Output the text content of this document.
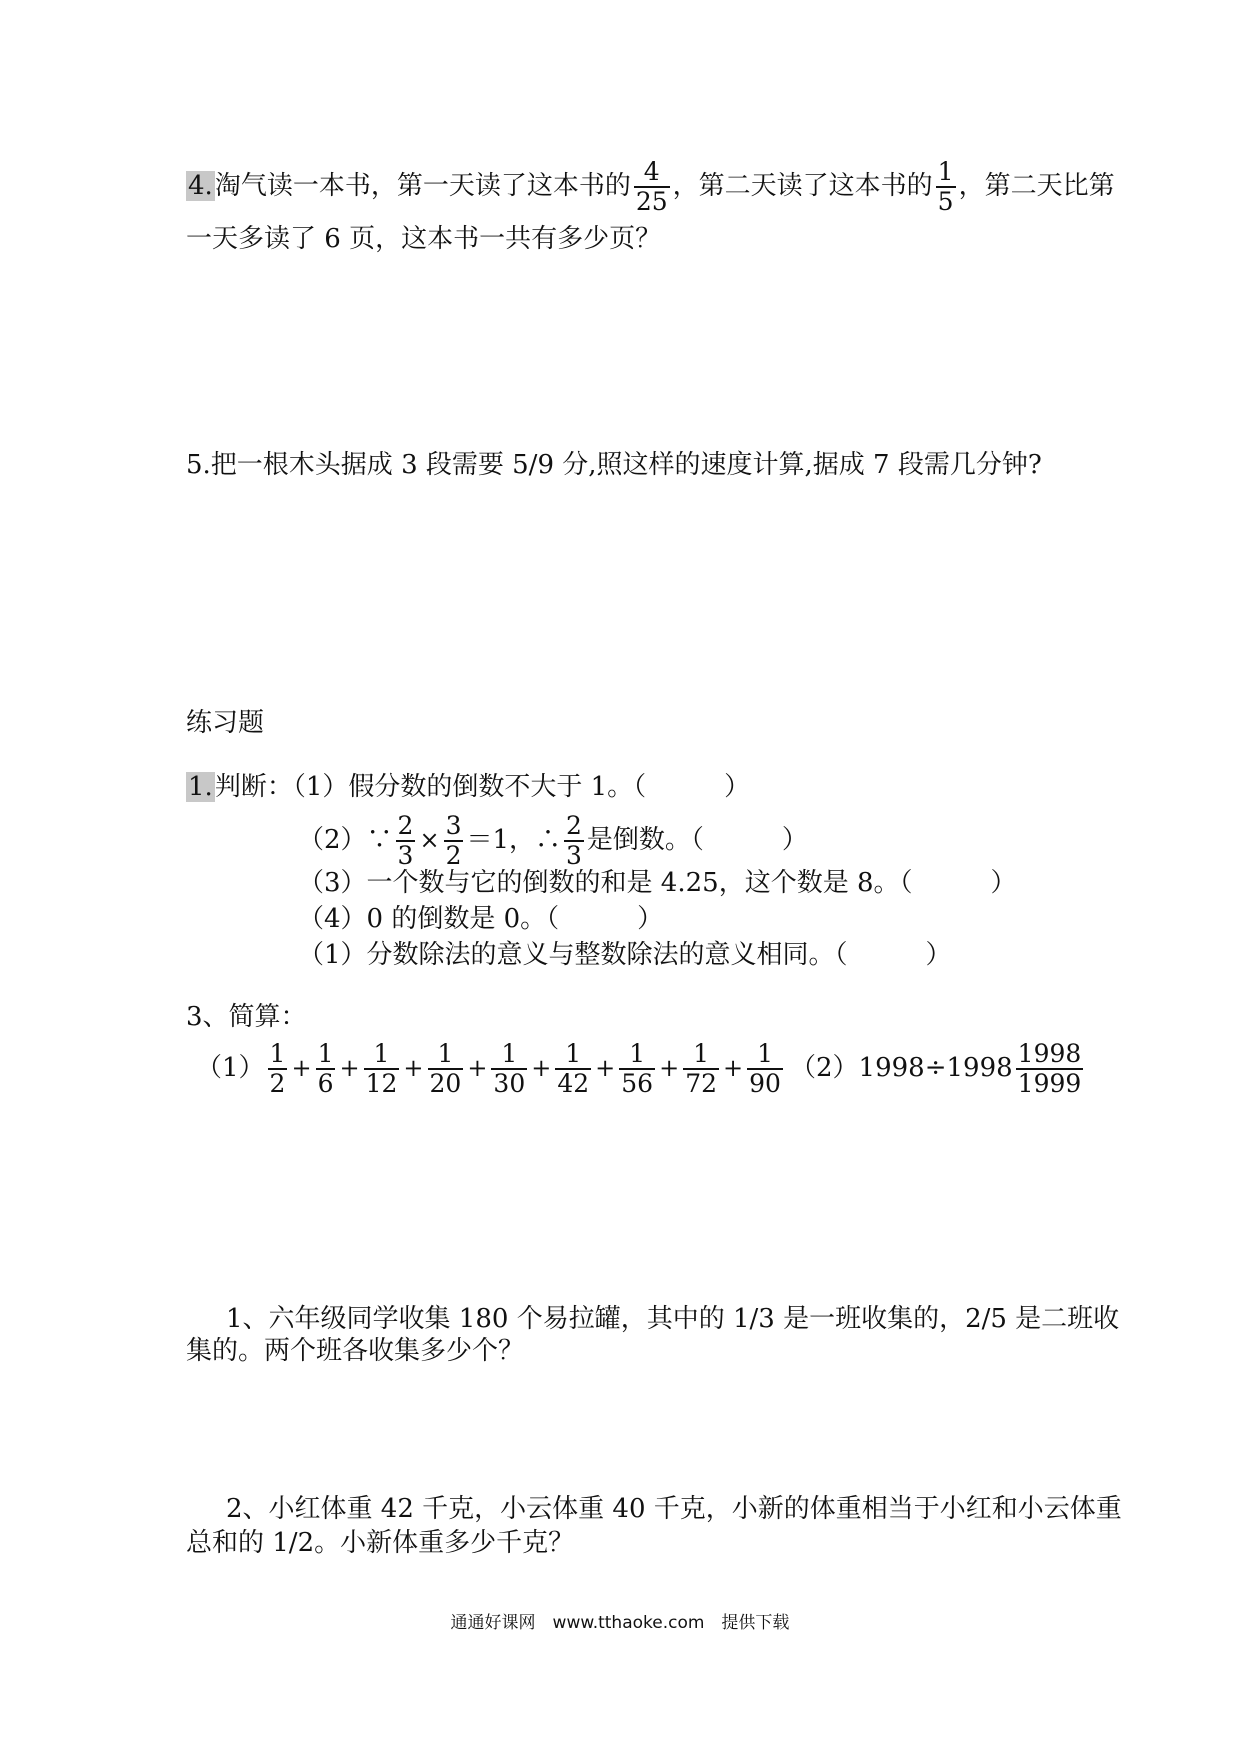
4.淘气读一本书，第一天读了这本书的 $\frac{4}{25}$ ，第二天读了这本书的 $\frac{1}{5}$ ，第二天比第
一天多读了 6 页，这本书一共有多少页？
5.把一根木头据成 3 段需要 5/9 分,照这样的速度计算,据成 7 段需几分钟?
练习题
1.判断：（1）假分数的倒数不大于 1。（　　　）
（2）∵ $\frac{2}{3} \times \frac{3}{2} =1$，∴ $\frac{2}{3}$ 是倒数。（　　　）
（3）一个数与它的倒数的和是 4.25，这个数是 8。（　　　）
（4）0 的倒数是 0。（　　　）
（1）分数除法的意义与整数除法的意义相同。（　　　）
3、简算：
$(1) \frac{1}{2} + \frac{1}{6} + \frac{1}{12} + \frac{1}{20} + \frac{1}{30} + \frac{1}{42} + \frac{1}{56} + \frac{1}{72} + \frac{1}{90} (2)1998\div 1998 \frac{1998}{1999}$
1、六年级同学收集 180 个易拉罐，其中的 1/3 是一班收集的，2/5 是二班收
集的。两个班各收集多少个？
2、小红体重 42 千克，小云体重 40 千克，小新的体重相当于小红和小云体重
总和的 1/2。小新体重多少千克？
通通好课网　www.tthaoke.com　提供下载
